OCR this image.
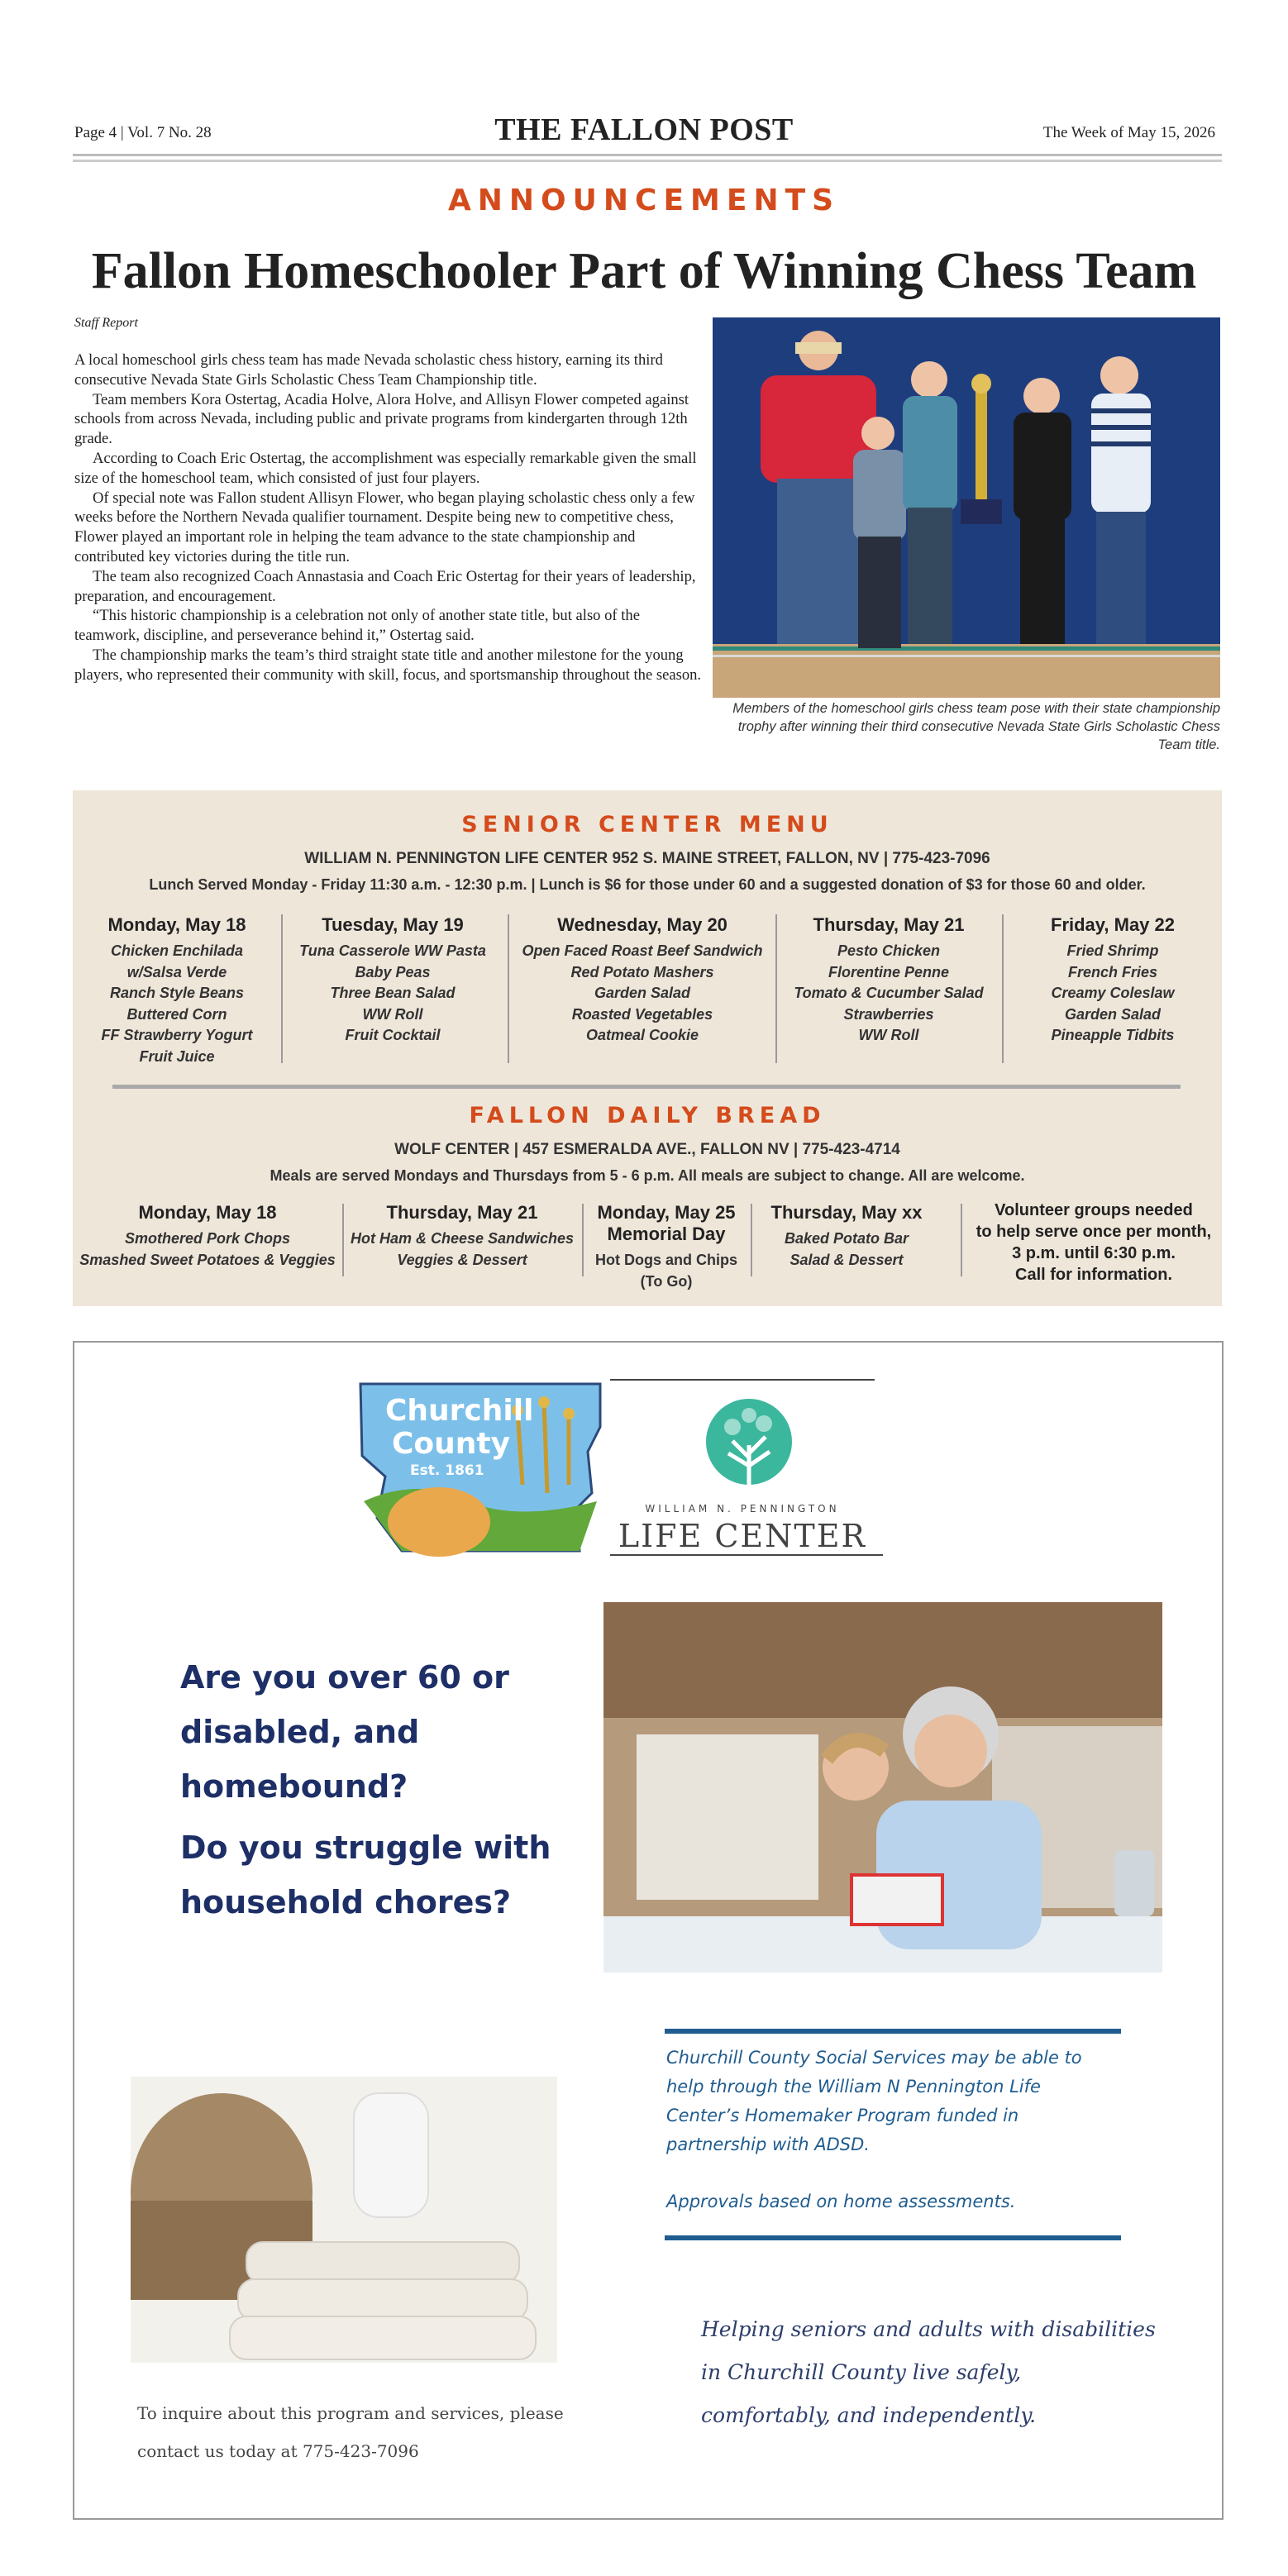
Page 4 | Vol. 7 No. 28	THE FALLON POST	The Week of May 15, 2026
ANNOUNCEMENTS
Fallon Homeschooler Part of Winning Chess Team
Staff Report

A local homeschool girls chess team has made Nevada scholastic chess history, earning its third consecutive Nevada State Girls Scholastic Chess Team Championship title.

Team members Kora Ostertag, Acadia Holve, Alora Holve, and Allisyn Flower competed against schools from across Nevada, including public and private programs from kindergarten through 12th grade.

According to Coach Eric Ostertag, the accomplishment was especially remarkable given the small size of the homeschool team, which consisted of just four players.

Of special note was Fallon student Allisyn Flower, who began playing scholastic chess only a few weeks before the Northern Nevada qualifier tournament. Despite being new to competitive chess, Flower played an important role in helping the team advance to the state championship and contributed key victories during the title run.

The team also recognized Coach Annastasia and Coach Eric Ostertag for their years of leadership, preparation, and encouragement.

“This historic championship is a celebration not only of another state title, but also of the teamwork, discipline, and perseverance behind it,” Ostertag said.

The championship marks the team’s third straight state title and another milestone for the young players, who represented their community with skill, focus, and sportsmanship throughout the season.

Members of the homeschool girls chess team pose with their state championship trophy after winning their third consecutive Nevada State Girls Scholastic Chess Team title.
SENIOR CENTER MENU
WILLIAM N. PENNINGTON LIFE CENTER 952 S. MAINE STREET, FALLON, NV | 775-423-7096
Lunch Served Monday - Friday 11:30 a.m. - 12:30 p.m. | Lunch is $6 for those under 60 and a suggested donation of $3 for those 60 and older.
Monday, May 18
Chicken Enchilada
w/Salsa Verde
Ranch Style Beans
Buttered Corn
FF Strawberry Yogurt
Fruit Juice
Tuesday, May 19
Tuna Casserole WW Pasta
Baby Peas
Three Bean Salad
WW Roll
Fruit Cocktail
Wednesday, May 20
Open Faced Roast Beef Sandwich
Red Potato Mashers
Garden Salad
Roasted Vegetables
Oatmeal Cookie
Thursday, May 21
Pesto Chicken
Florentine Penne
Tomato & Cucumber Salad
Strawberries
WW Roll
Friday, May 22
Fried Shrimp
French Fries
Creamy Coleslaw
Garden Salad
Pineapple Tidbits
FALLON DAILY BREAD
WOLF CENTER | 457 ESMERALDA AVE., FALLON NV | 775-423-4714
Meals are served Mondays and Thursdays from 5 - 6 p.m. All meals are subject to change. All are welcome.
Monday, May 18
Smothered Pork Chops
Smashed Sweet Potatoes & Veggies
Thursday, May 21
Hot Ham & Cheese Sandwiches
Veggies & Dessert
Monday, May 25
Memorial Day
Hot Dogs and Chips (To Go)
Thursday, May xx
Baked Potato Bar
Salad & Dessert
Volunteer groups needed
to help serve once per month,
3 p.m. until 6:30 p.m.
Call for information.
Churchill
County
Est. 1861
WILLIAM N. PENNINGTON
LIFE CENTER
Are you over 60 or
disabled, and
homebound?
Do you struggle with
household chores?
Churchill County Social Services may be able to
help through the William N Pennington Life
Center’s Homemaker Program funded in
partnership with ADSD.
Approvals based on home assessments.
Helping seniors and adults with disabilities
in Churchill County live safely,
comfortably, and independently.
To inquire about this program and services, please
contact us today at 775-423-7096
